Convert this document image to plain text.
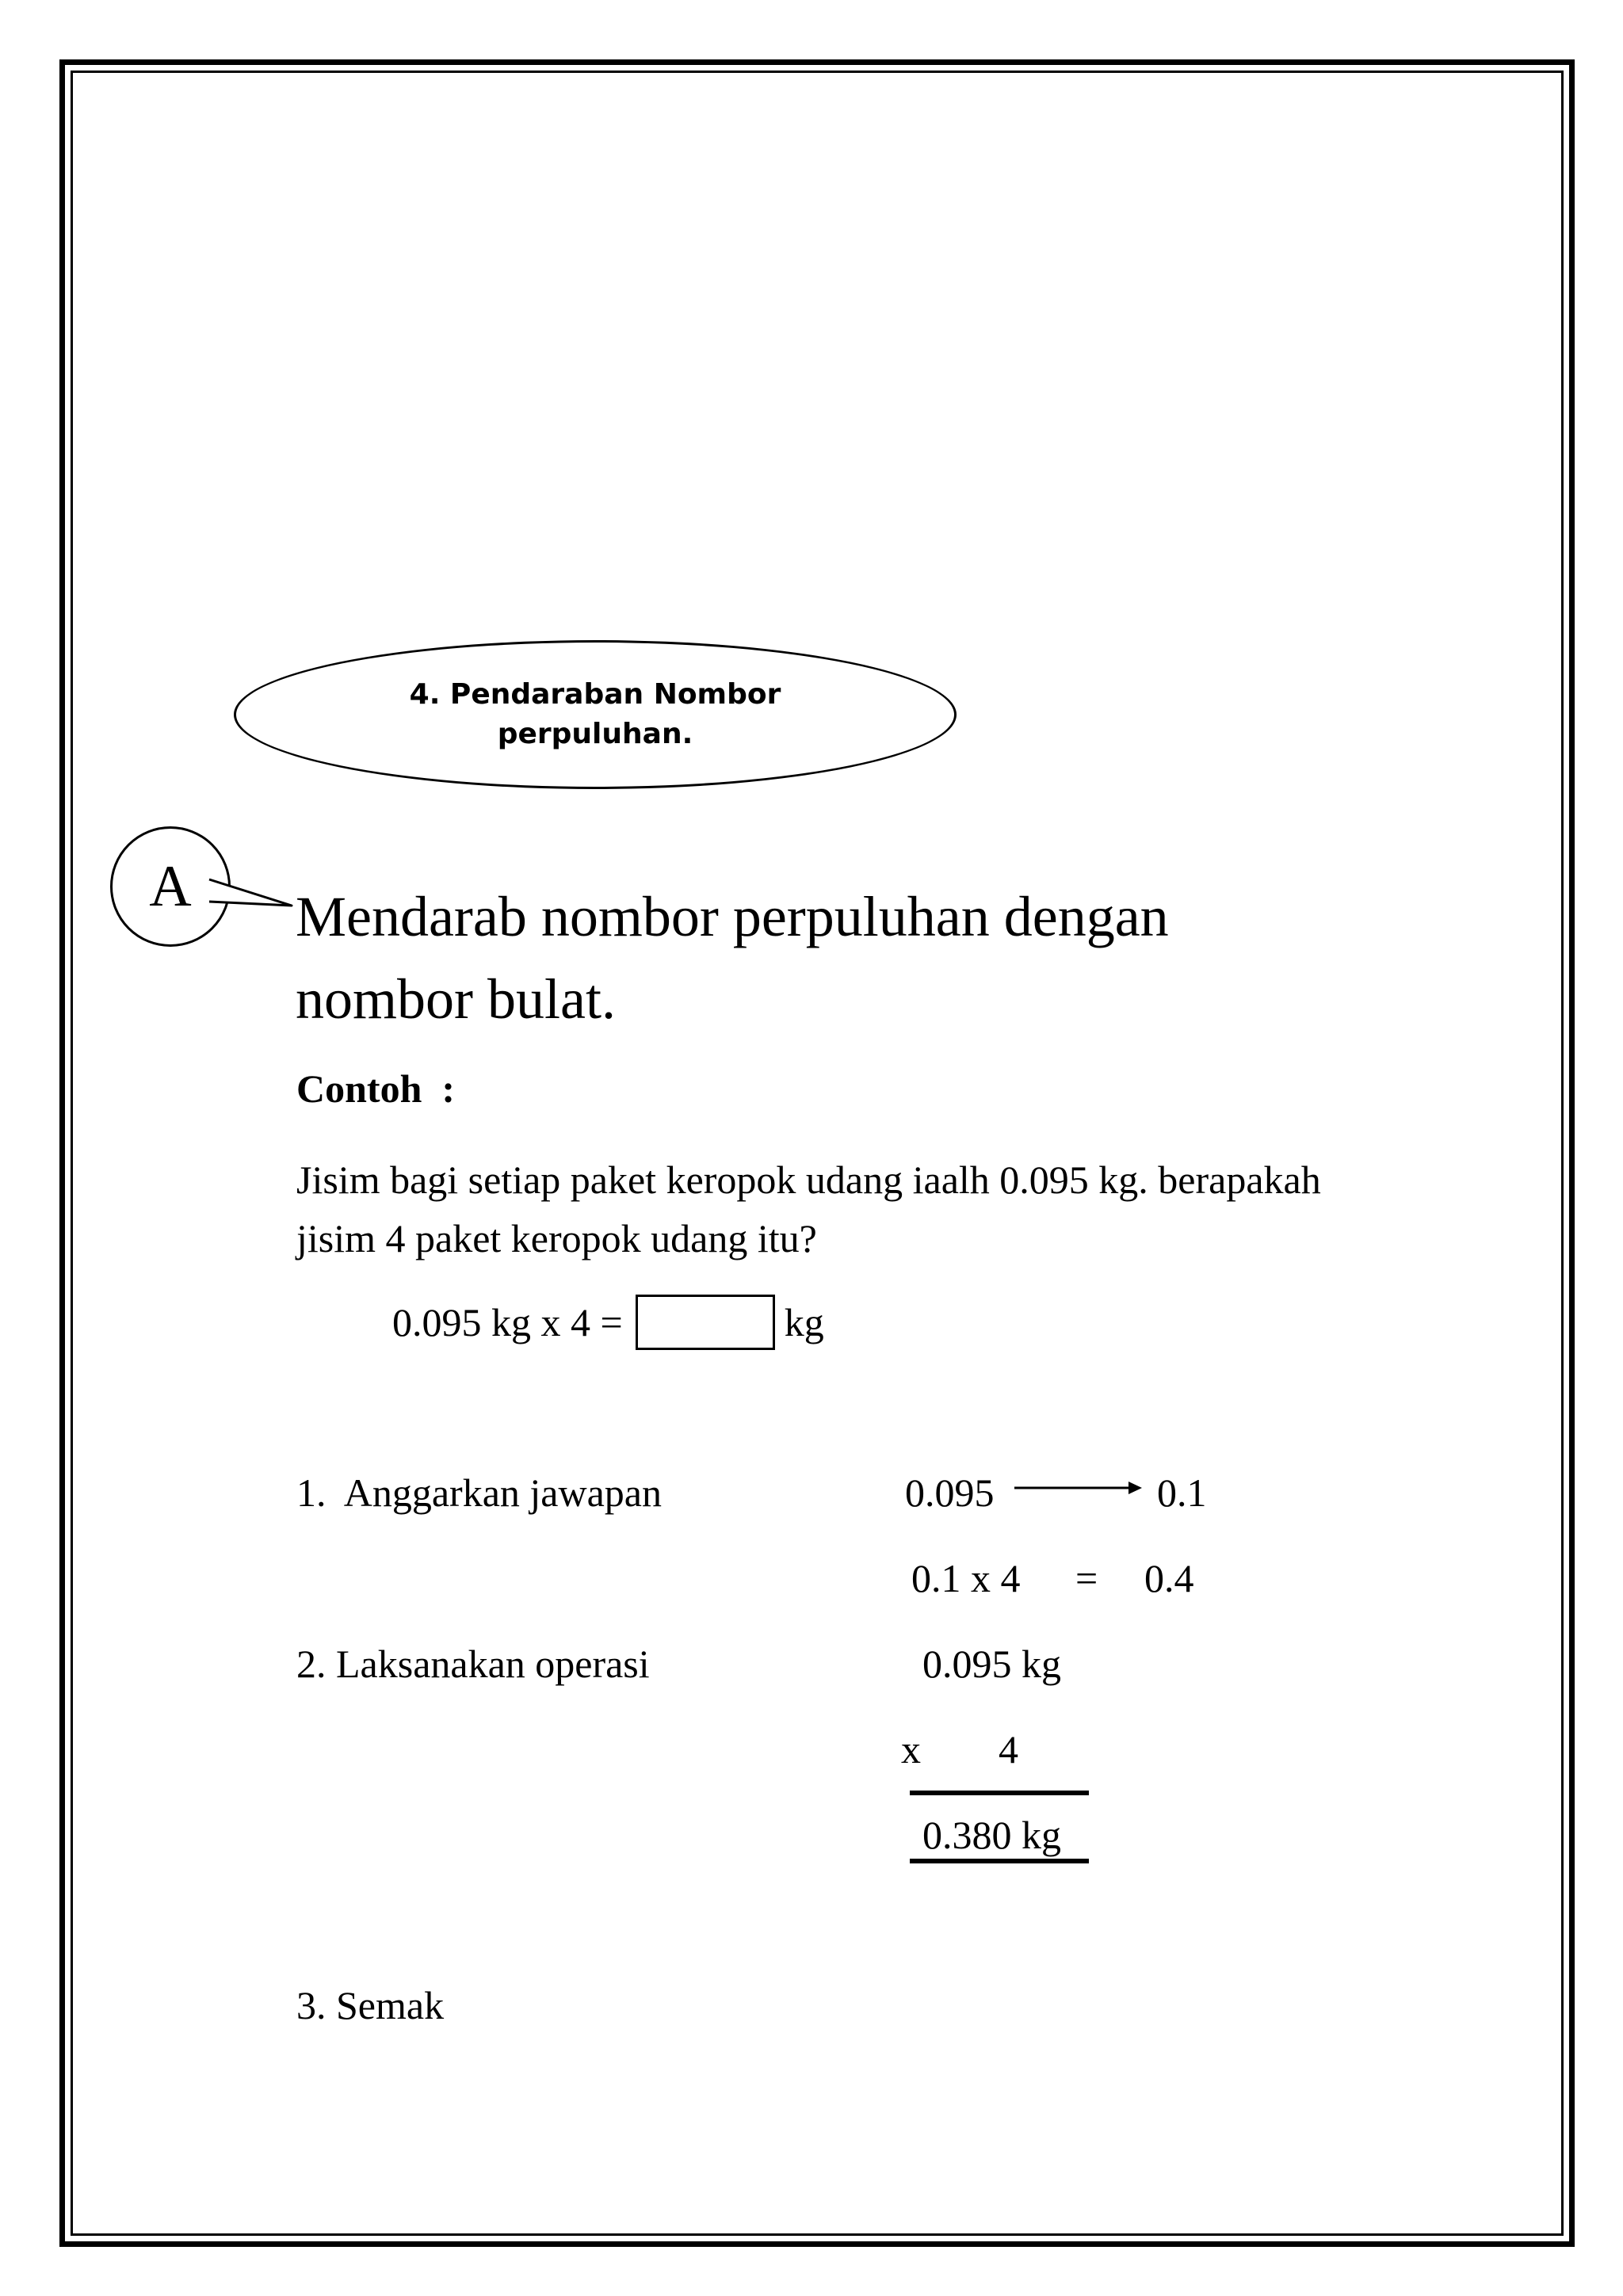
4. Pendaraban Nombor
perpuluhan.
A	Mendarab nombor perpuluhan dengan
nombor bulat.
Contoh  :
Jisim bagi setiap paket keropok udang iaalh 0.095 kg. berapakah
jisim 4 paket keropok udang itu?
0.095 kg x 4 =	kg
1.  Anggarkan jawapan	0.095	0.1
0.1 x 4 = 0.4
2. Laksanakan operasi	0.095 kg
x 4
0.380 kg
3. Semak
